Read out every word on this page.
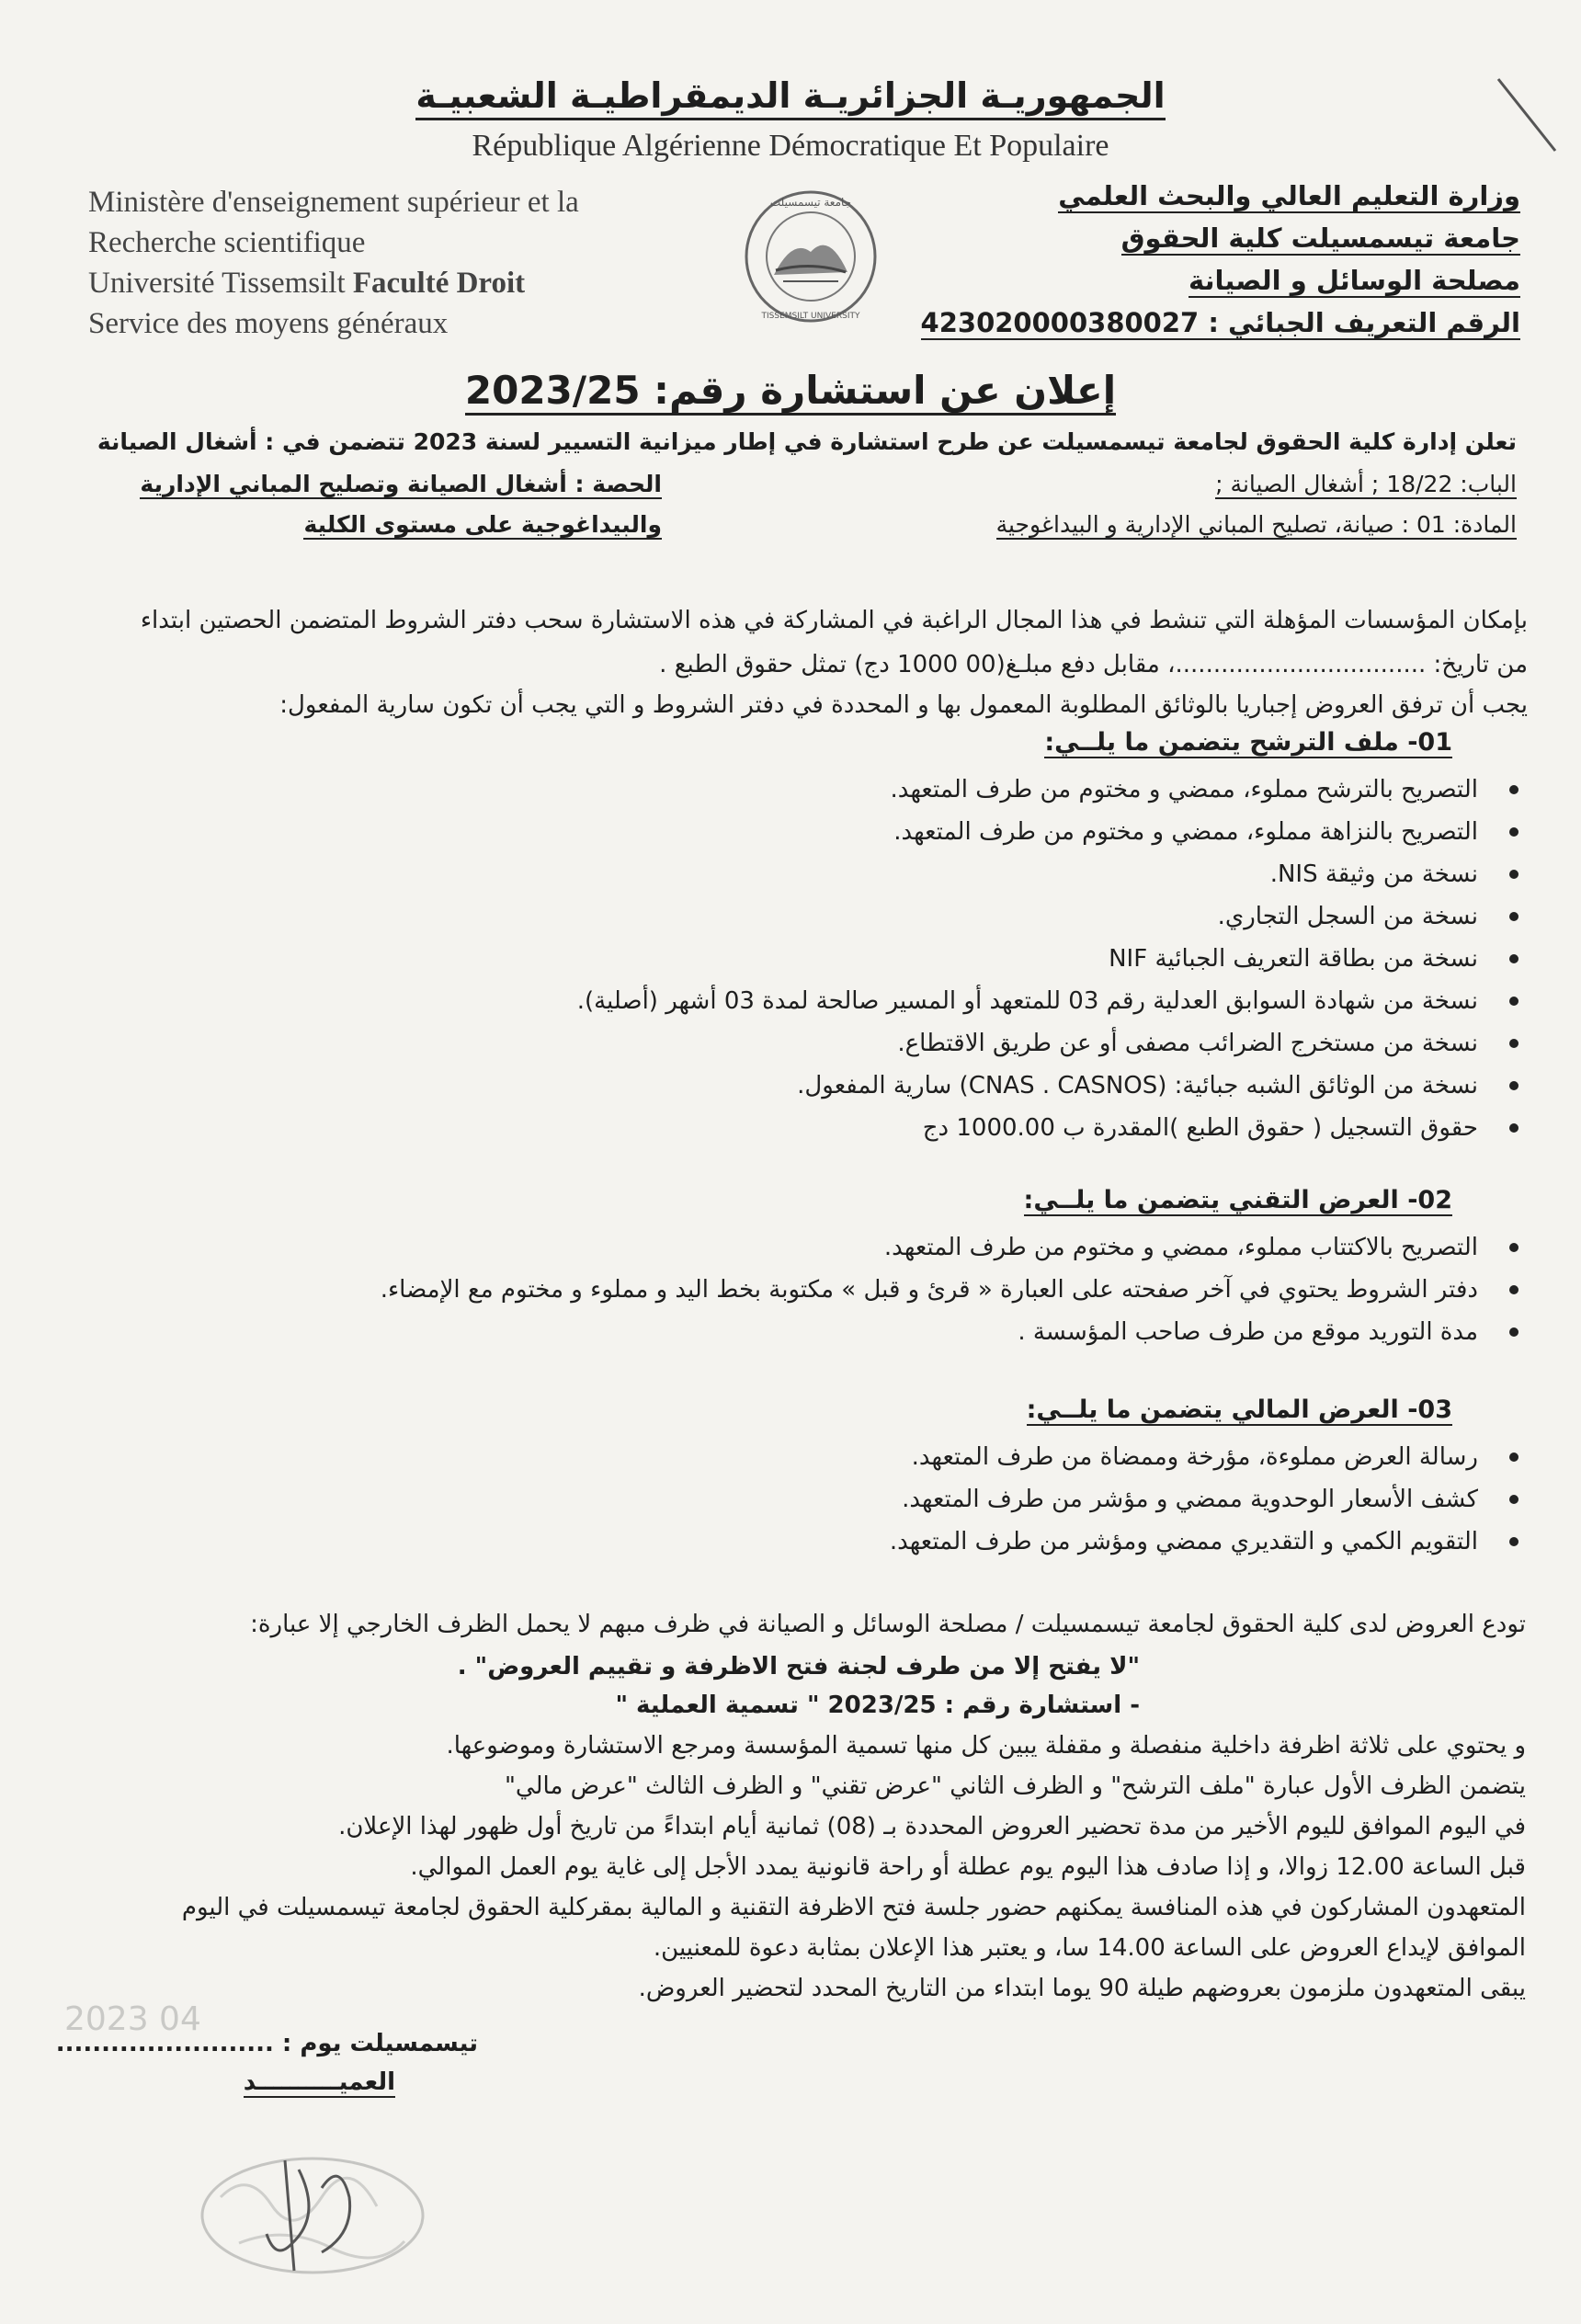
الجمهوريـة الجزائريـة الديمقراطيـة الشعبيـة
République Algérienne Démocratique Et Populaire
Ministère d'enseignement supérieur et la
Recherche scientifique
Université Tissemsilt Faculté Droit
Service des moyens généraux	TISSEMSILT UNIVERSITY
جامعة تيسمسيلت	وزارة التعليم العالي والبحث العلمي
جامعة تيسمسيلت كلية الحقوق
مصلحة الوسائل و الصيانة
الرقم التعريف الجبائي : 423020000380027
إعلان عن استشارة رقم: 2023/25
تعلن إدارة كلية الحقوق لجامعة تيسمسيلت عن طرح استشارة في إطار ميزانية التسيير لسنة 2023 تتضمن في : أشغال الصيانة
الباب: 18/22 ; أشغال الصيانة ;
الحصة : أشغال الصيانة وتصليح المباني الإدارية
المادة: 01 : صيانة، تصليح المباني الإدارية و البيداغوجية
والبيداغوجية على مستوى الكلية
بإمكان المؤسسات المؤهلة التي تنشط في هذا المجال الراغبة في المشاركة في هذه الاستشارة سحب دفتر الشروط المتضمن الحصتين ابتداء
من تاريخ: .................................، مقابل دفع مبلـغ(00 1000 دج) تمثل حقوق الطبع .
يجب أن ترفق العروض إجباريا بالوثائق المطلوبة المعمول بها و المحددة في دفتر الشروط و التي يجب أن تكون سارية المفعول:
01- ملف الترشح يتضمن ما يلــي:
التصريح بالترشح مملوء، ممضي و مختوم من طرف المتعهد.
التصريح بالنزاهة مملوء، ممضي و مختوم من طرف المتعهد.
نسخة من وثيقة NIS.
نسخة من السجل التجاري.
نسخة من بطاقة التعريف الجبائية NIF
نسخة من شهادة السوابق العدلية رقم 03 للمتعهد أو المسير صالحة لمدة 03 أشهر (أصلية).
نسخة من مستخرج الضرائب مصفى أو عن طريق الاقتطاع.
نسخة من الوثائق الشبه جبائية: (CNAS . CASNOS) سارية المفعول.
حقوق التسجيل ( حقوق الطبع )المقدرة ب 1000.00 دج
02- العرض التقني يتضمن ما يلــي:
التصريح بالاكتتاب مملوء، ممضي و مختوم من طرف المتعهد.
دفتر الشروط يحتوي في آخر صفحته على العبارة « قرئ و قبل » مكتوبة بخط اليد و مملوء و مختوم مع الإمضاء.
مدة التوريد موقع من طرف صاحب المؤسسة .
03- العرض المالي يتضمن ما يلــي:
رسالة العرض مملوءة، مؤرخة وممضاة من طرف المتعهد.
كشف الأسعار الوحدوية ممضي و مؤشر من طرف المتعهد.
التقويم الكمي و التقديري ممضي ومؤشر من طرف المتعهد.
تودع العروض لدى كلية الحقوق لجامعة تيسمسيلت / مصلحة الوسائل و الصيانة في ظرف مبهم لا يحمل الظرف الخارجي إلا عبارة:
"لا يفتح إلا من طرف لجنة فتح الاظرفة و تقييم العروض" .
- استشارة رقم : 2023/25 " تسمية العملية "
و يحتوي على ثلاثة اظرفة داخلية منفصلة و مقفلة يبين كل منها تسمية المؤسسة ومرجع الاستشارة وموضوعها.
يتضمن الظرف الأول عبارة "ملف الترشح" و الظرف الثاني "عرض تقني" و الظرف الثالث "عرض مالي"
في اليوم الموافق لليوم الأخير من مدة تحضير العروض المحددة بـ (08) ثمانية أيام ابتداءً من تاريخ أول ظهور لهذا الإعلان.
قبل الساعة 12.00 زوالا، و إذا صادف هذا اليوم يوم عطلة أو راحة قانونية يمدد الأجل إلى غاية يوم العمل الموالي.
المتعهدون المشاركون في هذه المنافسة يمكنهم حضور جلسة فتح الاظرفة التقنية و المالية بمقركلية الحقوق لجامعة تيسمسيلت في اليوم
الموافق لإيداع العروض على الساعة 14.00 سا، و يعتبر هذا الإعلان بمثابة دعوة للمعنيين.
يبقى المتعهدون ملزمون بعروضهم طيلة 90 يوما ابتداء من التاريخ المحدد لتحضير العروض.
2023 04
تيسمسيلت يوم : ........................
العميــــــــــد
